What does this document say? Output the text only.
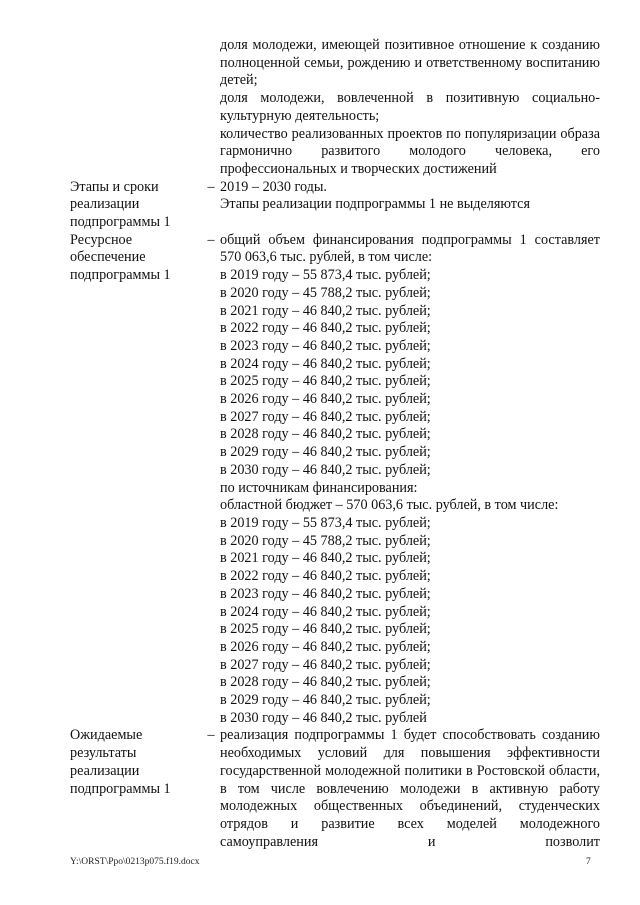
доля молодежи, имеющей позитивное отношение к созданию полноценной семьи, рождению и ответственному воспитанию детей;

доля молодежи, вовлеченной в позитивную социально-культурную деятельность;

количество реализованных проектов по популяризации образа гармонично развитого молодого человека, его профессиональных и творческих достижений

Этапы и сроки реализации подпрограммы 1
– 2019 – 2030 годы.

Этапы реализации подпрограммы 1 не выделяются

Ресурсное обеспечение подпрограммы 1
– общий объем финансирования подпрограммы 1 составляет 570 063,6 тыс. рублей, в том числе:

в 2019 году – 55 873,4 тыс. рублей;
в 2020 году – 45 788,2 тыс. рублей;
в 2021 году – 46 840,2 тыс. рублей;
в 2022 году – 46 840,2 тыс. рублей;
в 2023 году – 46 840,2 тыс. рублей;
в 2024 году – 46 840,2 тыс. рублей;
в 2025 году – 46 840,2 тыс. рублей;
в 2026 году – 46 840,2 тыс. рублей;
в 2027 году – 46 840,2 тыс. рублей;
в 2028 году – 46 840,2 тыс. рублей;
в 2029 году – 46 840,2 тыс. рублей;
в 2030 году – 46 840,2 тыс. рублей;
по источникам финансирования:
областной бюджет – 570 063,6 тыс. рублей, в том числе:
в 2019 году – 55 873,4 тыс. рублей;
в 2020 году – 45 788,2 тыс. рублей;
в 2021 году – 46 840,2 тыс. рублей;
в 2022 году – 46 840,2 тыс. рублей;
в 2023 году – 46 840,2 тыс. рублей;
в 2024 году – 46 840,2 тыс. рублей;
в 2025 году – 46 840,2 тыс. рублей;
в 2026 году – 46 840,2 тыс. рублей;
в 2027 году – 46 840,2 тыс. рублей;
в 2028 году – 46 840,2 тыс. рублей;
в 2029 году – 46 840,2 тыс. рублей;
в 2030 году – 46 840,2 тыс. рублей
Ожидаемые результаты реализации подпрограммы 1
– реализация подпрограммы 1 будет способствовать созданию необходимых условий для повышения эффективности государственной молодежной политики в Ростовской области, в том числе вовлечению молодежи в активную работу молодежных общественных объединений, студенческих отрядов и развитие всех моделей молодежного самоуправления и позволит

Y:\ORST\Ppo\0213p075.f19.docx	7
